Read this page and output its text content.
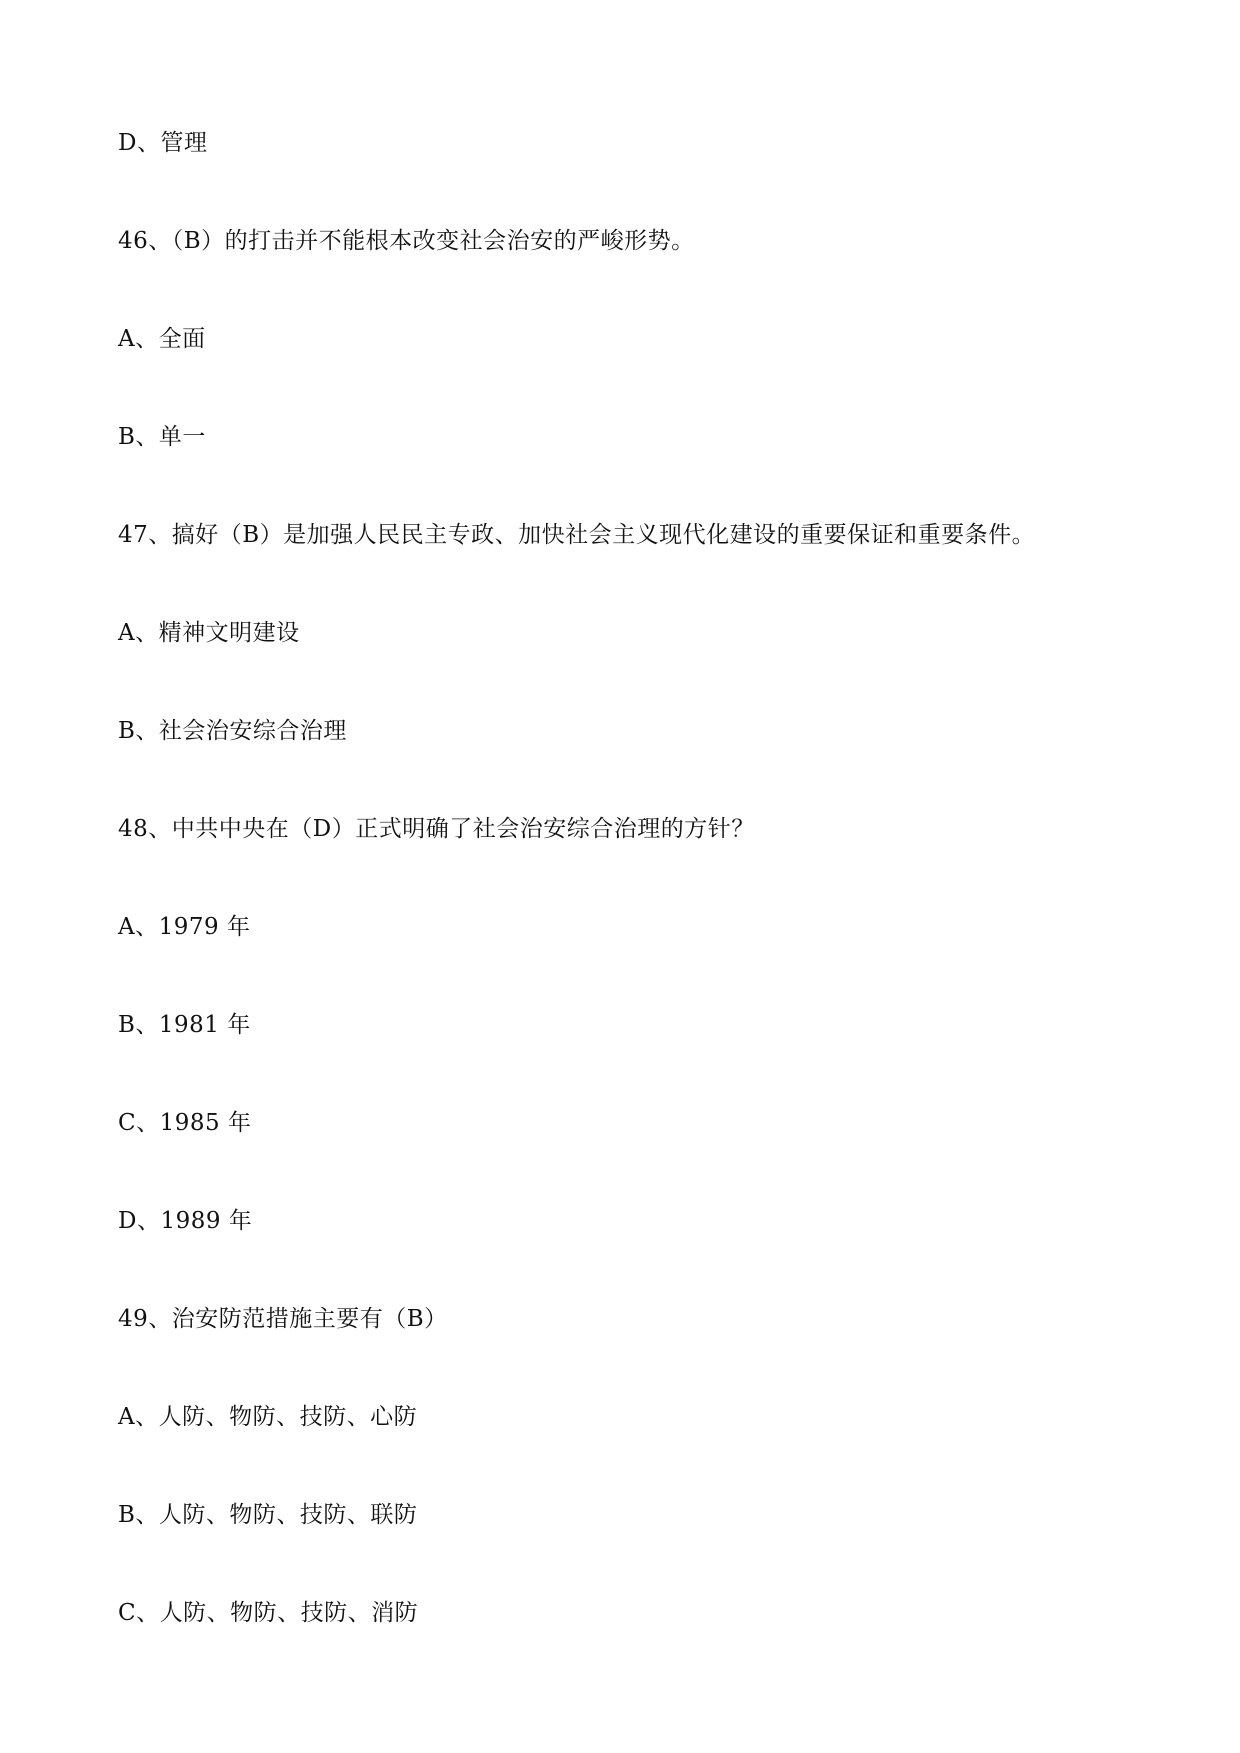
D、管理
46、（B）的打击并不能根本改变社会治安的严峻形势。
A、全面
B、单一
47、搞好（B）是加强人民民主专政、加快社会主义现代化建设的重要保证和重要条件。
A、精神文明建设
B、社会治安综合治理
48、中共中央在（D）正式明确了社会治安综合治理的方针？
A、1979 年
B、1981 年
C、1985 年
D、1989 年
49、治安防范措施主要有（B）
A、人防、物防、技防、心防
B、人防、物防、技防、联防
C、人防、物防、技防、消防
